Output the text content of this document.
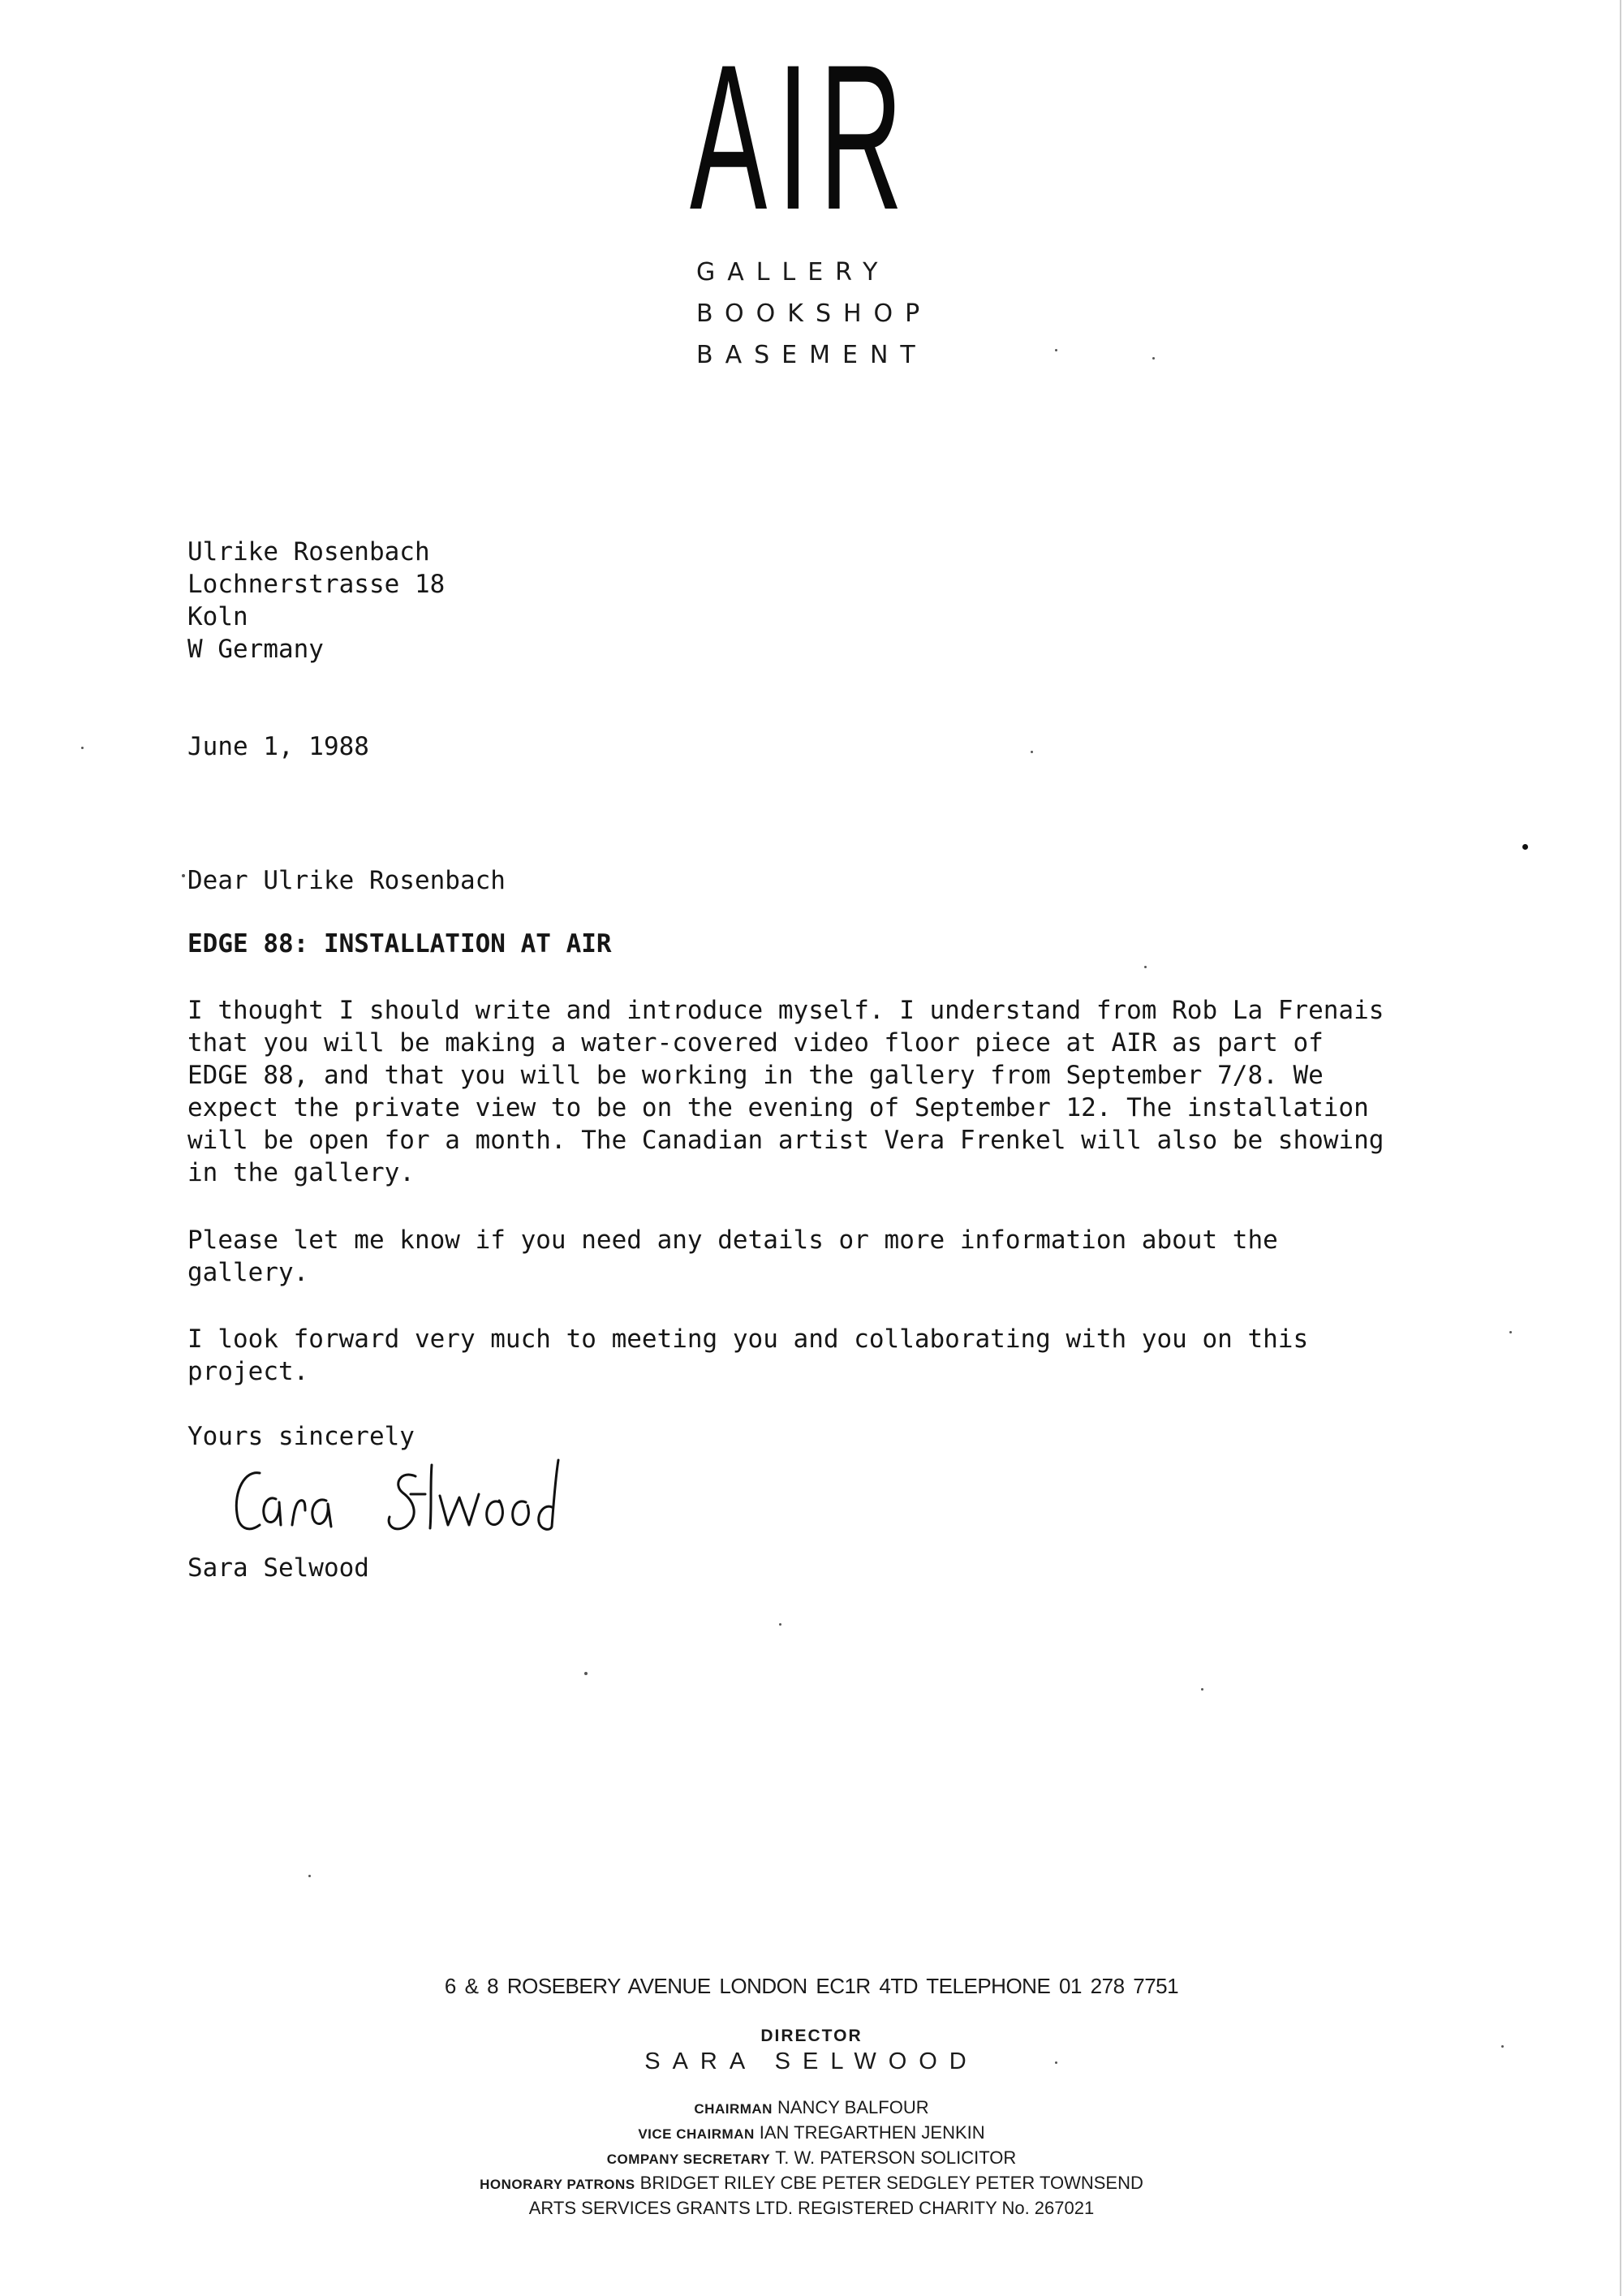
AIR
GALLERY
BOOKSHOP
BASEMENT
Ulrike Rosenbach
Lochnerstrasse 18
Koln
W Germany
June 1, 1988
Dear Ulrike Rosenbach
EDGE 88: INSTALLATION AT AIR
I thought I should write and introduce myself. I understand from Rob La Frenais
that you will be making a water-covered video floor piece at AIR as part of
EDGE 88, and that you will be working in the gallery from September 7/8. We
expect the private view to be on the evening of September 12. The installation
will be open for a month. The Canadian artist Vera Frenkel will also be showing
in the gallery.
Please let me know if you need any details or more information about the
gallery.
I look forward very much to meeting you and collaborating with you on this
project.
Yours sincerely
Sara Selwood
6 & 8 ROSEBERY AVENUE LONDON EC1R 4TD TELEPHONE 01 278 7751
DIRECTOR
SARA SELWOOD
CHAIRMAN NANCY BALFOUR
VICE CHAIRMAN IAN TREGARTHEN JENKIN
COMPANY SECRETARY T. W. PATERSON SOLICITOR
HONORARY PATRONS BRIDGET RILEY CBE PETER SEDGLEY PETER TOWNSEND
ARTS SERVICES GRANTS LTD. REGISTERED CHARITY No. 267021
